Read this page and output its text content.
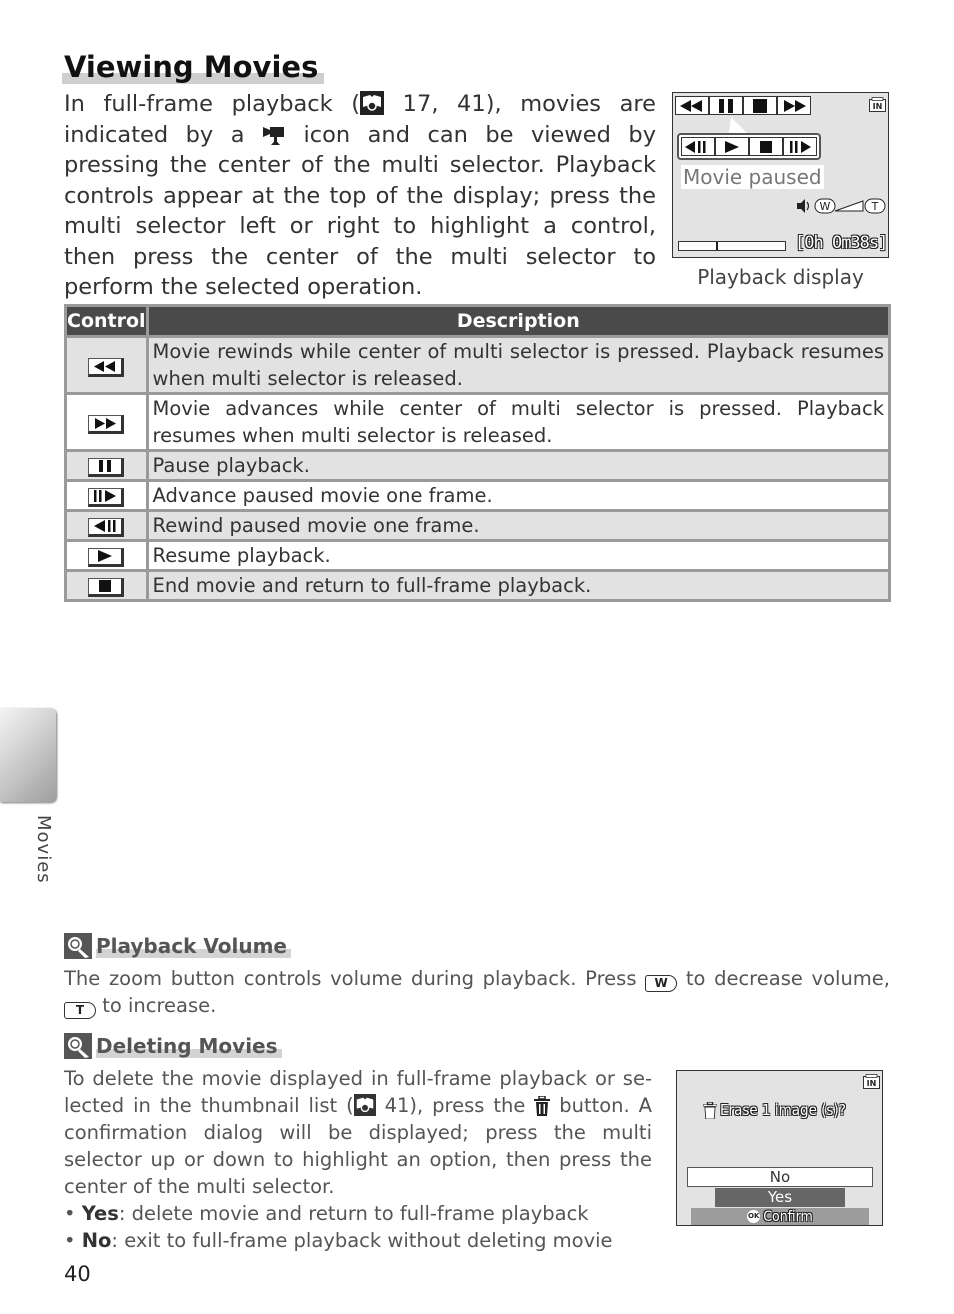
Viewing Movies
In full-frame playback ( 17, 41), movies are indicated by a  icon and can be viewed by pressing the center of the multi selector. Playback controls appear at the top of the display; press the multi selector left or right to highlight a control, then press the center of the multi selector to perform the selected operation.
IN
Movie paused
W	T
[0h 0m38s]
Playback display
Control	Description

	Movie rewinds while center of multi selector is pressed. Playback resumes when multi selector is released.

	Movie advances while center of multi selector is pressed. Playback resumes when multi selector is released.

	Pause playback.

	Advance paused movie one frame.

	Rewind paused movie one frame.

	Resume playback.

	End movie and return to full-frame playback.
Movies
Playback Volume
The zoom button controls volume during playback. Press W to decrease volume, T to increase.
Deleting Movies
To delete the movie displayed in full-frame playback or se-lected in the thumbnail list ( 41), press the  button. A confirmation dialog will be displayed; press the multi selector up or down to highlight an option, then press the center of the multi selector.
• Yes: delete movie and return to full-frame playback
• No: exit to full-frame playback without deleting movie
IN
Erase 1 image (s)?
No
Yes
OK Confirm
40
